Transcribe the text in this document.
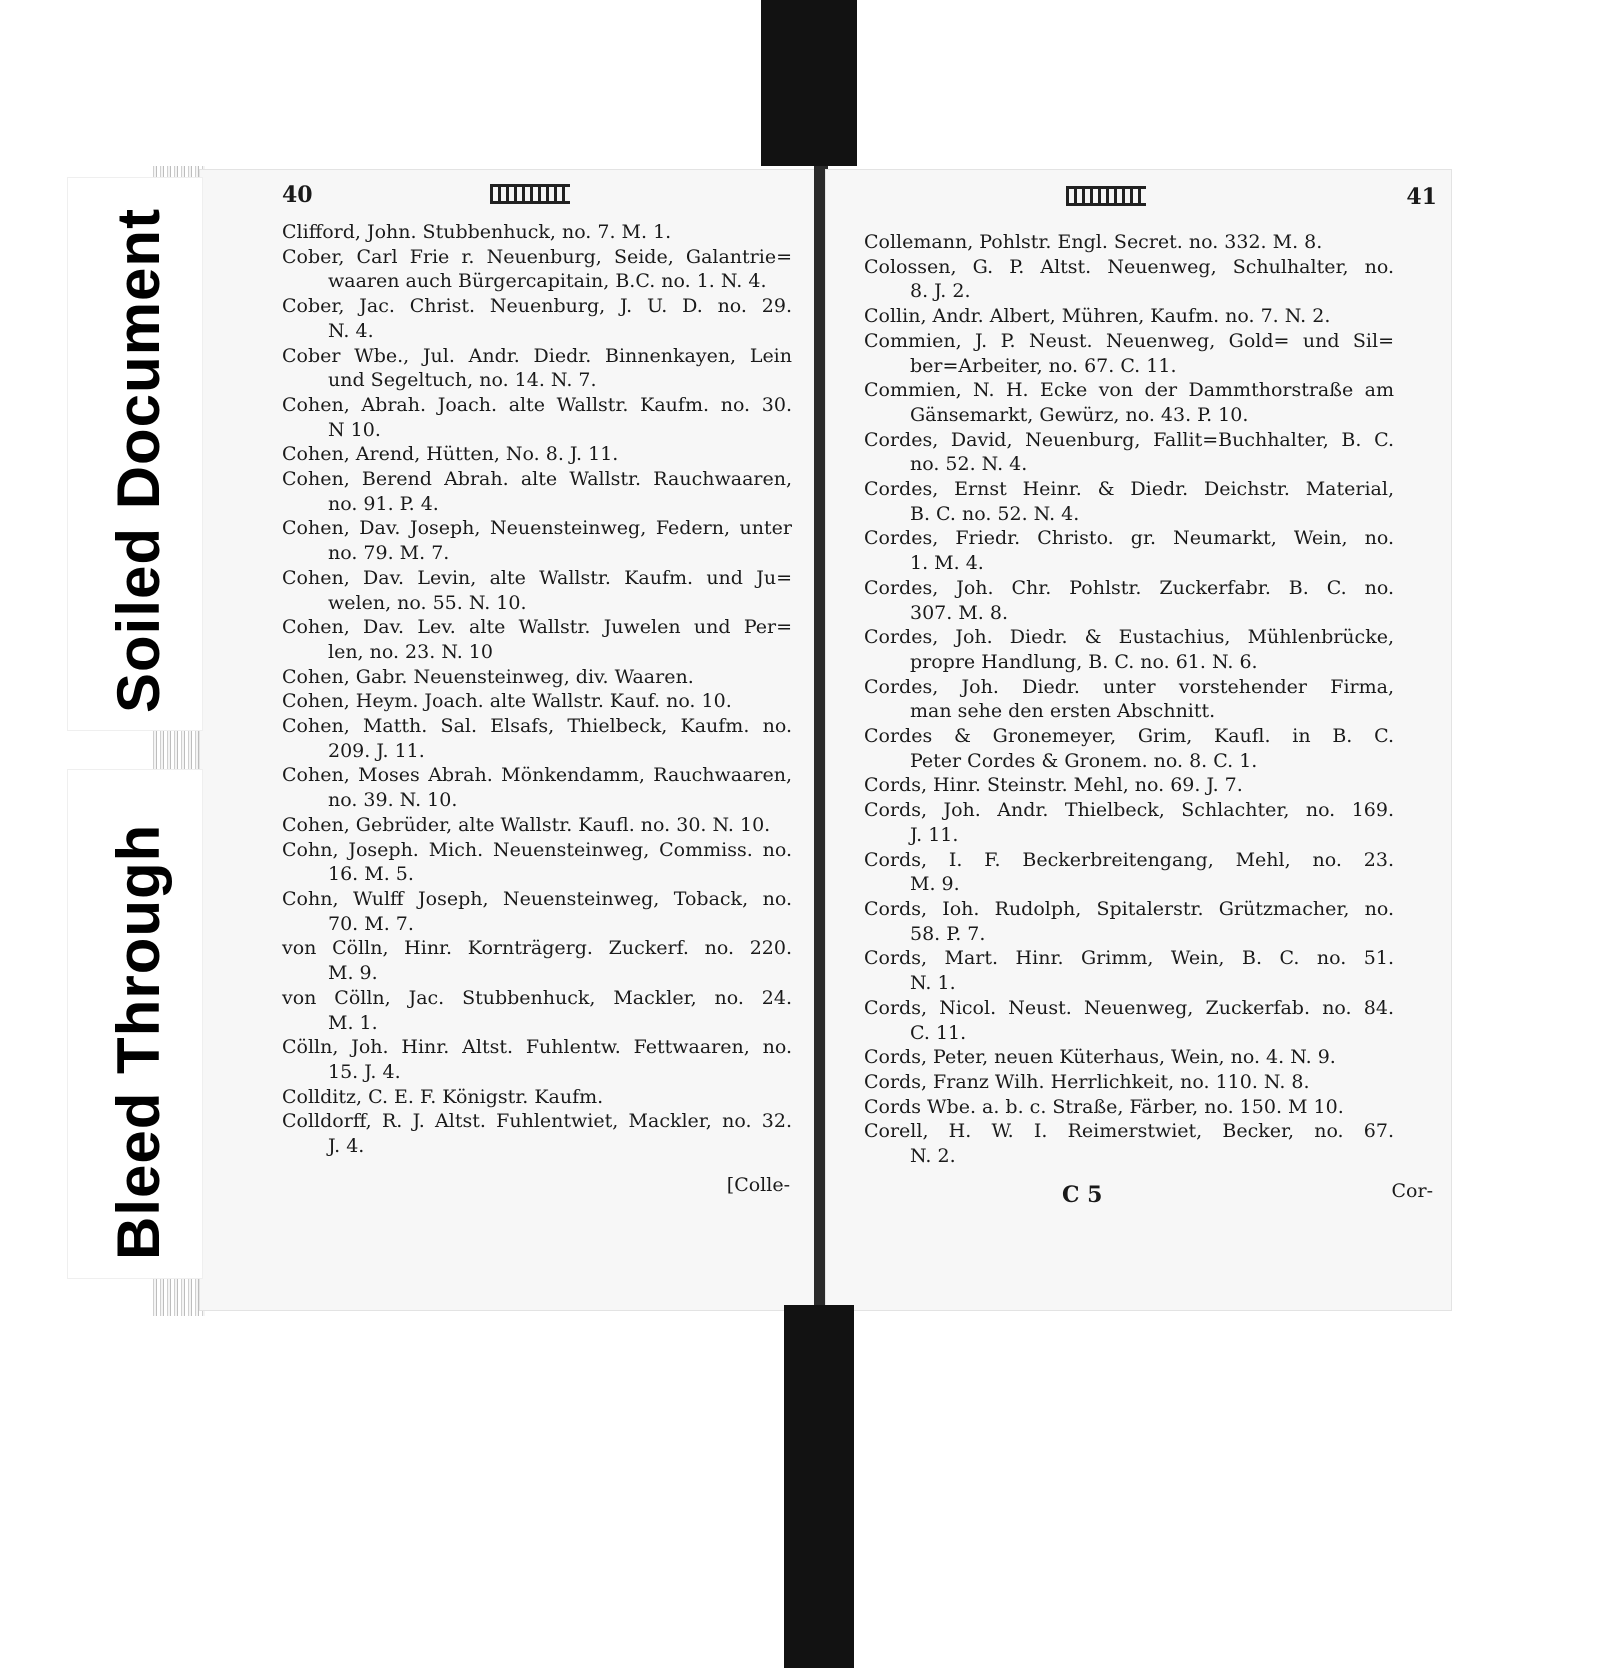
40
Clifford, John. Stubbenhuck, no. 7. M. 1.
Cober, Carl Frie r. Neuenburg, Seide, Galantrie=
waaren auch Bürgercapitain, B.C. no. 1. N. 4.
Cober, Jac. Christ. Neuenburg, J. U. D. no. 29.
N. 4.
Cober Wbe., Jul. Andr. Diedr. Binnenkayen, Lein
und Segeltuch, no. 14. N. 7.
Cohen, Abrah. Joach. alte Wallstr. Kaufm. no. 30.
N 10.
Cohen, Arend, Hütten, No. 8. J. 11.
Cohen, Berend Abrah. alte Wallstr. Rauchwaaren,
no. 91. P. 4.
Cohen, Dav. Joseph, Neuensteinweg, Federn, unter
no. 79. M. 7.
Cohen, Dav. Levin, alte Wallstr. Kaufm. und Ju=
welen, no. 55. N. 10.
Cohen, Dav. Lev. alte Wallstr. Juwelen und Per=
len, no. 23. N. 10
Cohen, Gabr. Neuensteinweg, div. Waaren.
Cohen, Heym. Joach. alte Wallstr. Kauf. no. 10.
Cohen, Matth. Sal. Elsafs, Thielbeck, Kaufm. no.
209. J. 11.
Cohen, Moses Abrah. Mönkendamm, Rauchwaaren,
no. 39. N. 10.
Cohen, Gebrüder, alte Wallstr. Kaufl. no. 30. N. 10.
Cohn, Joseph. Mich. Neuensteinweg, Commiss. no.
16. M. 5.
Cohn, Wulff Joseph, Neuensteinweg, Toback, no.
70. M. 7.
von Cölln, Hinr. Kornträgerg. Zuckerf. no. 220.
M. 9.
von Cölln, Jac. Stubbenhuck, Mackler, no. 24.
M. 1.
Cölln, Joh. Hinr. Altst. Fuhlentw. Fettwaaren, no.
15. J. 4.
Collditz, C. E. F. Königstr. Kaufm.
Colldorff, R. J. Altst. Fuhlentwiet, Mackler, no. 32.
J. 4.
[Colle-
41
Collemann, Pohlstr. Engl. Secret. no. 332. M. 8.
Colossen, G. P. Altst. Neuenweg, Schulhalter, no.
8. J. 2.
Collin, Andr. Albert, Mühren, Kaufm. no. 7. N. 2.
Commien, J. P. Neust. Neuenweg, Gold= und Sil=
ber=Arbeiter, no. 67. C. 11.
Commien, N. H. Ecke von der Dammthorstraße am
Gänsemarkt, Gewürz, no. 43. P. 10.
Cordes, David, Neuenburg, Fallit=Buchhalter, B. C.
no. 52. N. 4.
Cordes, Ernst Heinr. & Diedr. Deichstr. Material,
B. C. no. 52. N. 4.
Cordes, Friedr. Christo. gr. Neumarkt, Wein, no.
1. M. 4.
Cordes, Joh. Chr. Pohlstr. Zuckerfabr. B. C. no.
307. M. 8.
Cordes, Joh. Diedr. & Eustachius, Mühlenbrücke,
propre Handlung, B. C. no. 61. N. 6.
Cordes, Joh. Diedr. unter vorstehender Firma,
man sehe den ersten Abschnitt.
Cordes & Gronemeyer, Grim, Kaufl. in B. C.
Peter Cordes & Gronem. no. 8. C. 1.
Cords, Hinr. Steinstr. Mehl, no. 69. J. 7.
Cords, Joh. Andr. Thielbeck, Schlachter, no. 169.
J. 11.
Cords, I. F. Beckerbreitengang, Mehl, no. 23.
M. 9.
Cords, Ioh. Rudolph, Spitalerstr. Grützmacher, no.
58. P. 7.
Cords, Mart. Hinr. Grimm, Wein, B. C. no. 51.
N. 1.
Cords, Nicol. Neust. Neuenweg, Zuckerfab. no. 84.
C. 11.
Cords, Peter, neuen Küterhaus, Wein, no. 4. N. 9.
Cords, Franz Wilh. Herrlichkeit, no. 110. N. 8.
Cords Wbe. a. b. c. Straße, Färber, no. 150. M 10.
Corell, H. W. I. Reimerstwiet, Becker, no. 67.
N. 2.
C 5	Cor-
Soiled Document
Bleed Through
